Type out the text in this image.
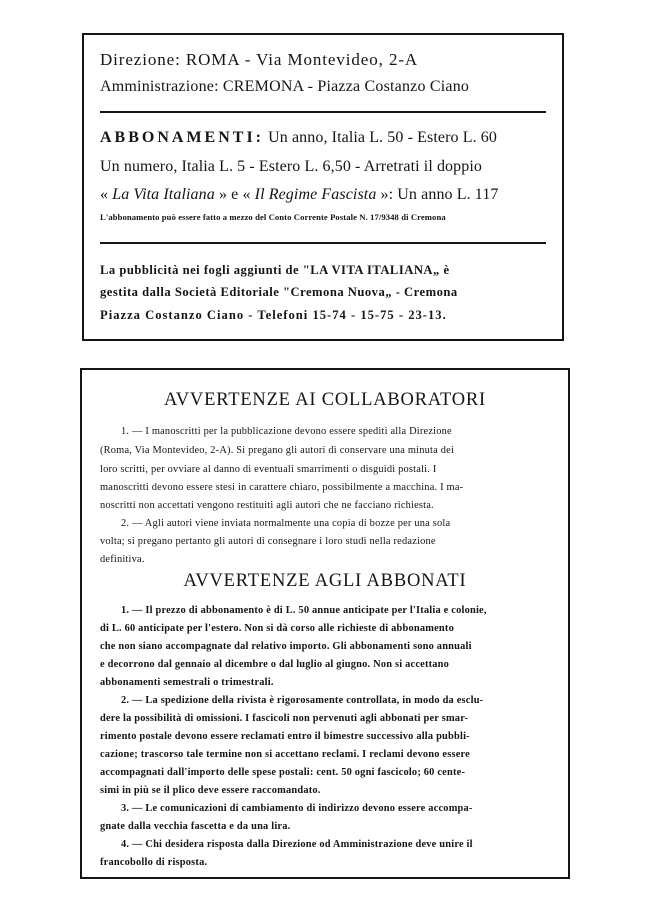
Direzione: ROMA - Via Montevideo, 2-A

Amministrazione: CREMONA - Piazza Costanzo Ciano

ABBONAMENTI: Un anno, Italia L. 50 - Estero L. 60

Un numero, Italia L. 5 - Estero L. 6,50 - Arretrati il doppio

« La Vita Italiana » e « Il Regime Fascista »: Un anno L. 117

L'abbonamento può essere fatto a mezzo del Conto Corrente Postale N. 17/9348 di Cremona

La pubblicità nei fogli aggiunti de "LA VITA ITALIANA„ è

gestita dalla Società Editoriale "Cremona Nuova„ - Cremona

Piazza Costanzo Ciano - Telefoni 15-74 - 15-75 - 23-13.

AVVERTENZE AI COLLABORATORI

1. — I manoscritti per la pubblicazione devono essere spediti alla Direzione

(Roma, Via Montevideo, 2-A). Si pregano gli autori di conservare una minuta dei

loro scritti, per ovviare al danno di eventuali smarrimenti o disguidi postali. I

manoscritti devono essere stesi in carattere chiaro, possibilmente a macchina. I ma-

noscritti non accettati vengono restituiti agli autori che ne facciano richiesta.

2. — Agli autori viene inviata normalmente una copia di bozze per una sola

volta; si pregano pertanto gli autori di consegnare i loro studi nella redazione

definitiva.

AVVERTENZE AGLI ABBONATI

1. — Il prezzo di abbonamento è di L. 50 annue anticipate per l'Italia e colonie,

di L. 60 anticipate per l'estero. Non si dà corso alle richieste di abbonamento

che non siano accompagnate dal relativo importo. Gli abbonamenti sono annuali

e decorrono dal gennaio al dicembre o dal luglio al giugno. Non si accettano

abbonamenti semestrali o trimestrali.

2. — La spedizione della rivista è rigorosamente controllata, in modo da esclu-

dere la possibilità di omissioni. I fascicoli non pervenuti agli abbonati per smar-

rimento postale devono essere reclamati entro il bimestre successivo alla pubbli-

cazione; trascorso tale termine non si accettano reclami. I reclami devono essere

accompagnati dall'importo delle spese postali: cent. 50 ogni fascicolo; 60 cente-

simi in più se il plico deve essere raccomandato.

3. — Le comunicazioni di cambiamento di indirizzo devono essere accompa-

gnate dalla vecchia fascetta e da una lira.

4. — Chi desidera risposta dalla Direzione od Amministrazione deve unire il

francobollo di risposta.
